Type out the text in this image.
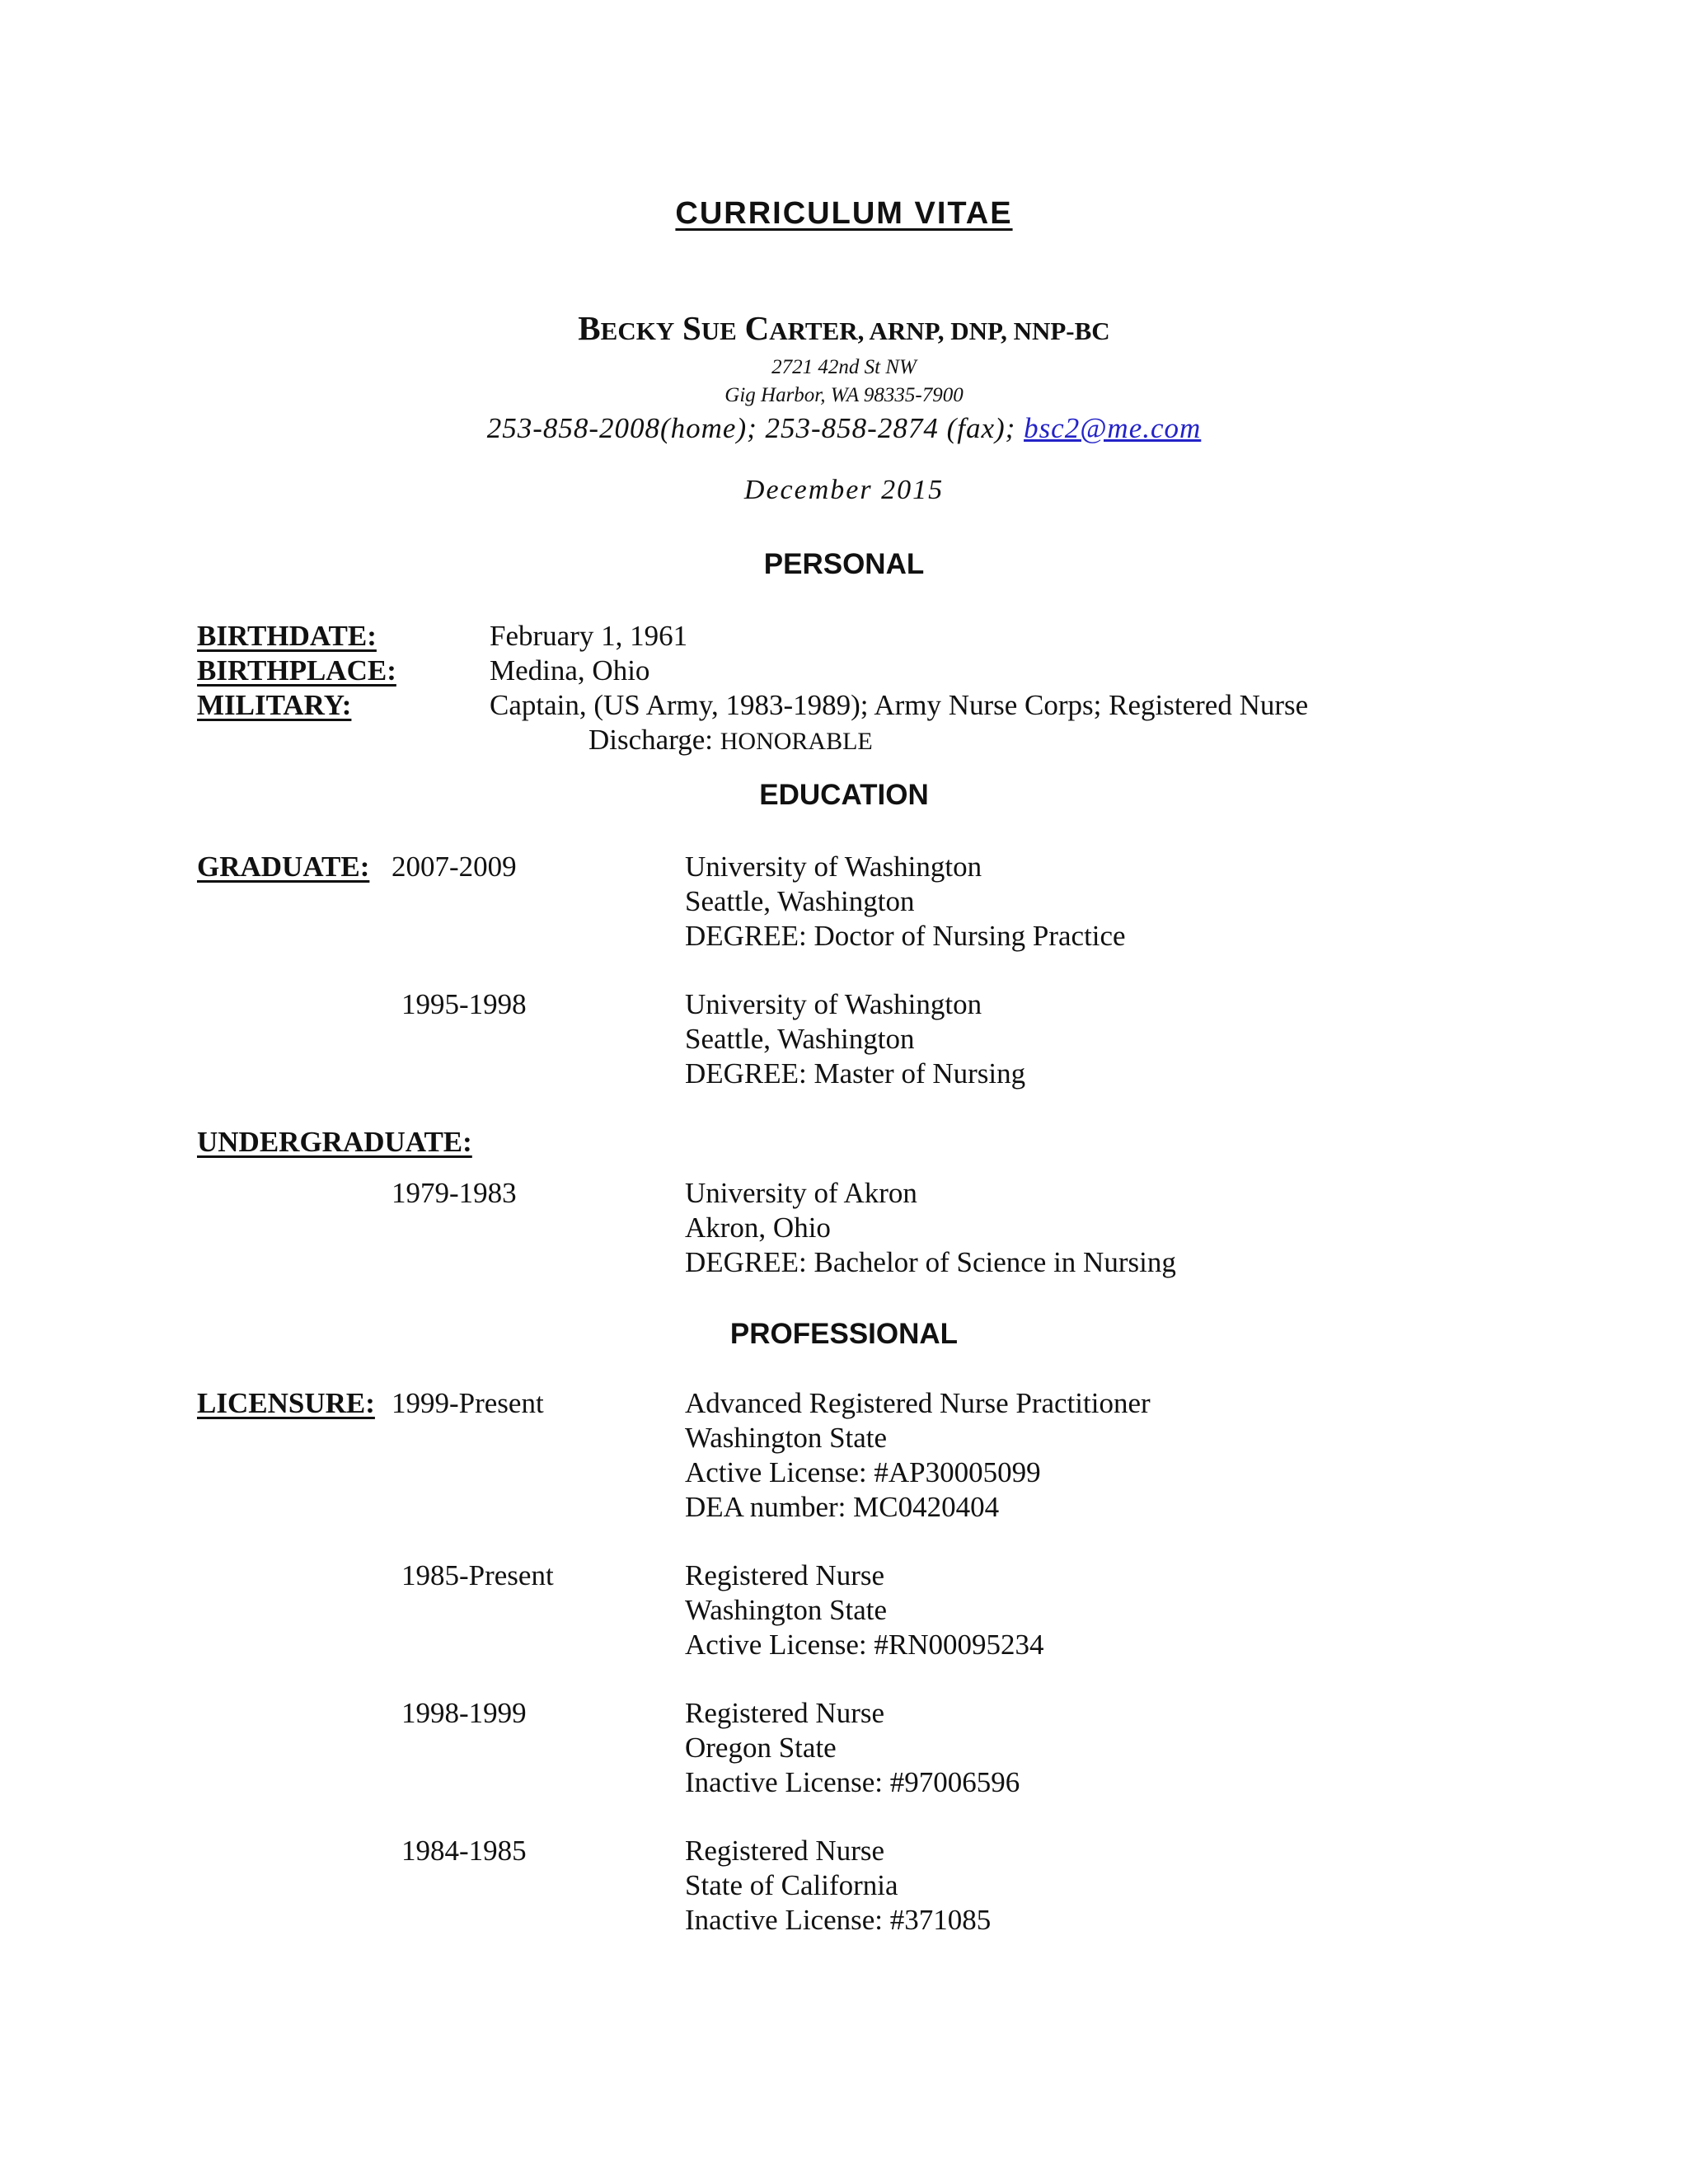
CURRICULUM VITAE
BECKY SUE CARTER, ARNP, DNP, NNP-BC
2721 42nd St NW
Gig Harbor, WA 98335-7900
253-858-2008(home); 253-858-2874 (fax); bsc2@me.com
December 2015
PERSONAL
BIRTHDATE:	February 1, 1961
BIRTHPLACE:	Medina, Ohio
MILITARY:	Captain, (US Army, 1983-1989); Army Nurse Corps; Registered Nurse
Discharge: HONORABLE
EDUCATION
GRADUATE: 2007-2009	University of Washington
Seattle, Washington
DEGREE: Doctor of Nursing Practice
1995-1998	University of Washington
Seattle, Washington
DEGREE: Master of Nursing
UNDERGRADUATE:
1979-1983	University of Akron
Akron, Ohio
DEGREE: Bachelor of Science in Nursing
PROFESSIONAL
LICENSURE: 1999-Present	Advanced Registered Nurse Practitioner
Washington State
Active License: #AP30005099
DEA number: MC0420404
1985-Present	Registered Nurse
Washington State
Active License: #RN00095234
1998-1999	Registered Nurse
Oregon State
Inactive License: #97006596
1984-1985	Registered Nurse
State of California
Inactive License: #371085
